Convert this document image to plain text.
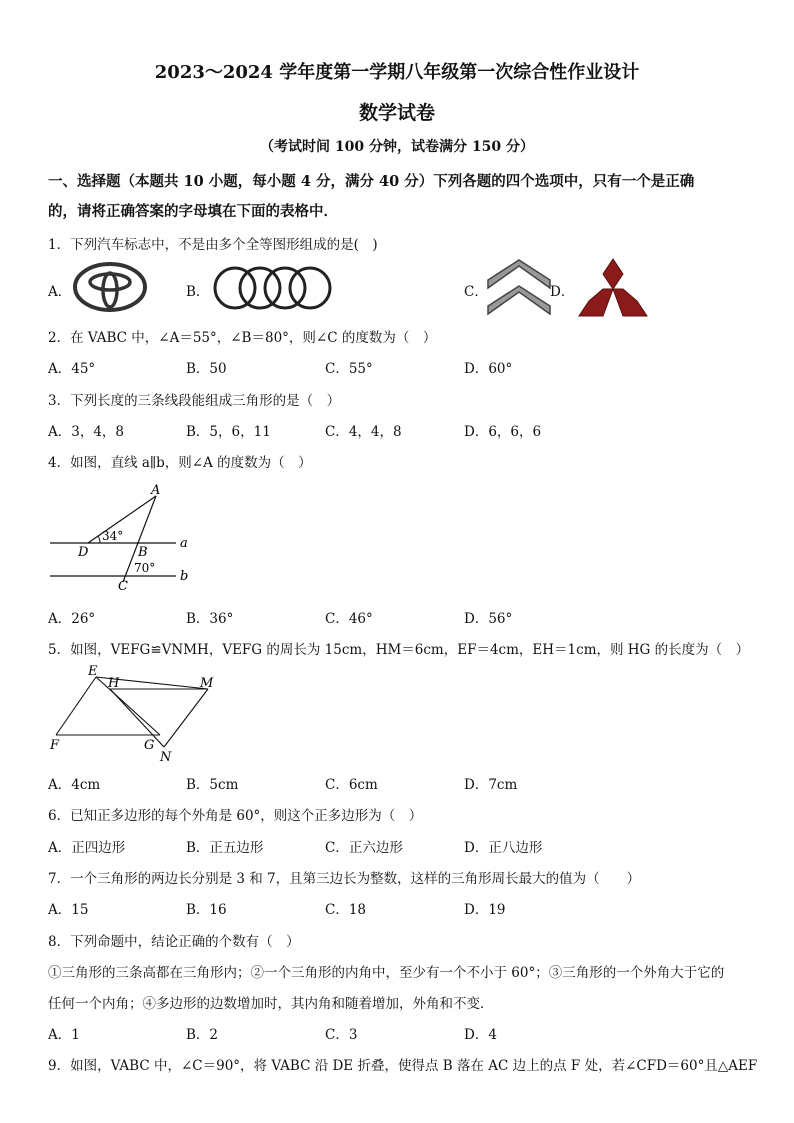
2023～2024 学年度第一学期八年级第一次综合性作业设计
数学试卷
（考试时间 100 分钟，试卷满分 150 分）
一、选择题（本题共 10 小题，每小题 4 分，满分 40 分）下列各题的四个选项中，只有一个是正确
的，请将正确答案的字母填在下面的表格中．
1．下列汽车标志中，不是由多个全等图形组成的是(　)
A．	B．	C．	D．
2．在 VABC 中，∠A＝55°，∠B＝80°，则∠C 的度数为（　）
A．45°	B．50	C．55°	D．60°
3．下列长度的三条线段能组成三角形的是（　）
A．3，4，8	B．5，6，11	C．4，4，8	D．6，6，6
4．如图，直线 a∥b，则∠A 的度数为（　）
A
D	B
C
a
b
34°
70°
A．26°	B．36°	C．46°	D．56°
5．如图，VEFG≌VNMH，VEFG 的周长为 15cm，HM＝6cm，EF＝4cm，EH＝1cm，则 HG 的长度为（　）
E
H	M
F	G
N
A．4cm	B．5cm	C．6cm	D．7cm
6．已知正多边形的每个外角是 60°，则这个正多边形为（　）
A．正四边形	B．正五边形	C．正六边形	D．正八边形
7．一个三角形的两边长分别是 3 和 7，且第三边长为整数，这样的三角形周长最大的值为（　　）
A．15	B．16	C．18	D．19
8．下列命题中，结论正确的个数有（　）
①三角形的三条高都在三角形内；②一个三角形的内角中，至少有一个不小于 60°；③三角形的一个外角大于它的
任何一个内角；④多边形的边数增加时，其内角和随着增加，外角和不变．
A．1	B．2	C．3	D．4
9．如图，VABC 中，∠C＝90°，将 VABC 沿 DE 折叠，使得点 B 落在 AC 边上的点 F 处，若∠CFD＝60°且△AEF
